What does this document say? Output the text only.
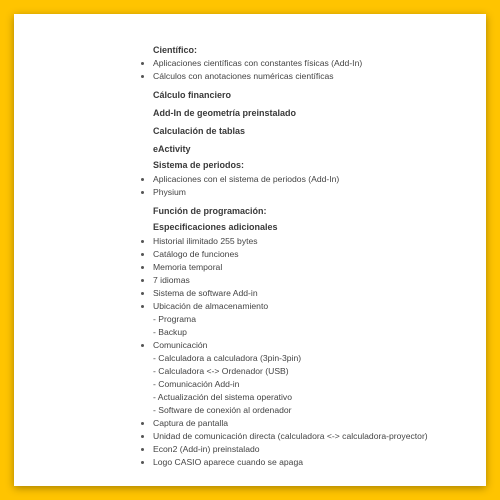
Científico:
Aplicaciones científicas con constantes físicas (Add-In)
Cálculos con anotaciones numéricas científicas
Cálculo financiero
Add-In de geometría preinstalado
Calculación de tablas
eActivity
Sistema de periodos:
Aplicaciones con el sistema de periodos (Add-In)
Physium
Función de programación:
Especificaciones adicionales
Historial ilimitado 255 bytes
Catálogo de funciones
Memoria temporal
7 idiomas
Sistema de software Add-in
Ubicación de almacenamiento
- Programa
- Backup
Comunicación
- Calculadora a calculadora (3pin-3pin)
- Calculadora <-> Ordenador (USB)
- Comunicación Add-in
- Actualización del sistema operativo
- Software de conexión al ordenador
Captura de pantalla
Unidad de comunicación directa (calculadora <-> calculadora-proyector)
Econ2 (Add-in) preinstalado
Logo CASIO aparece cuando se apaga
